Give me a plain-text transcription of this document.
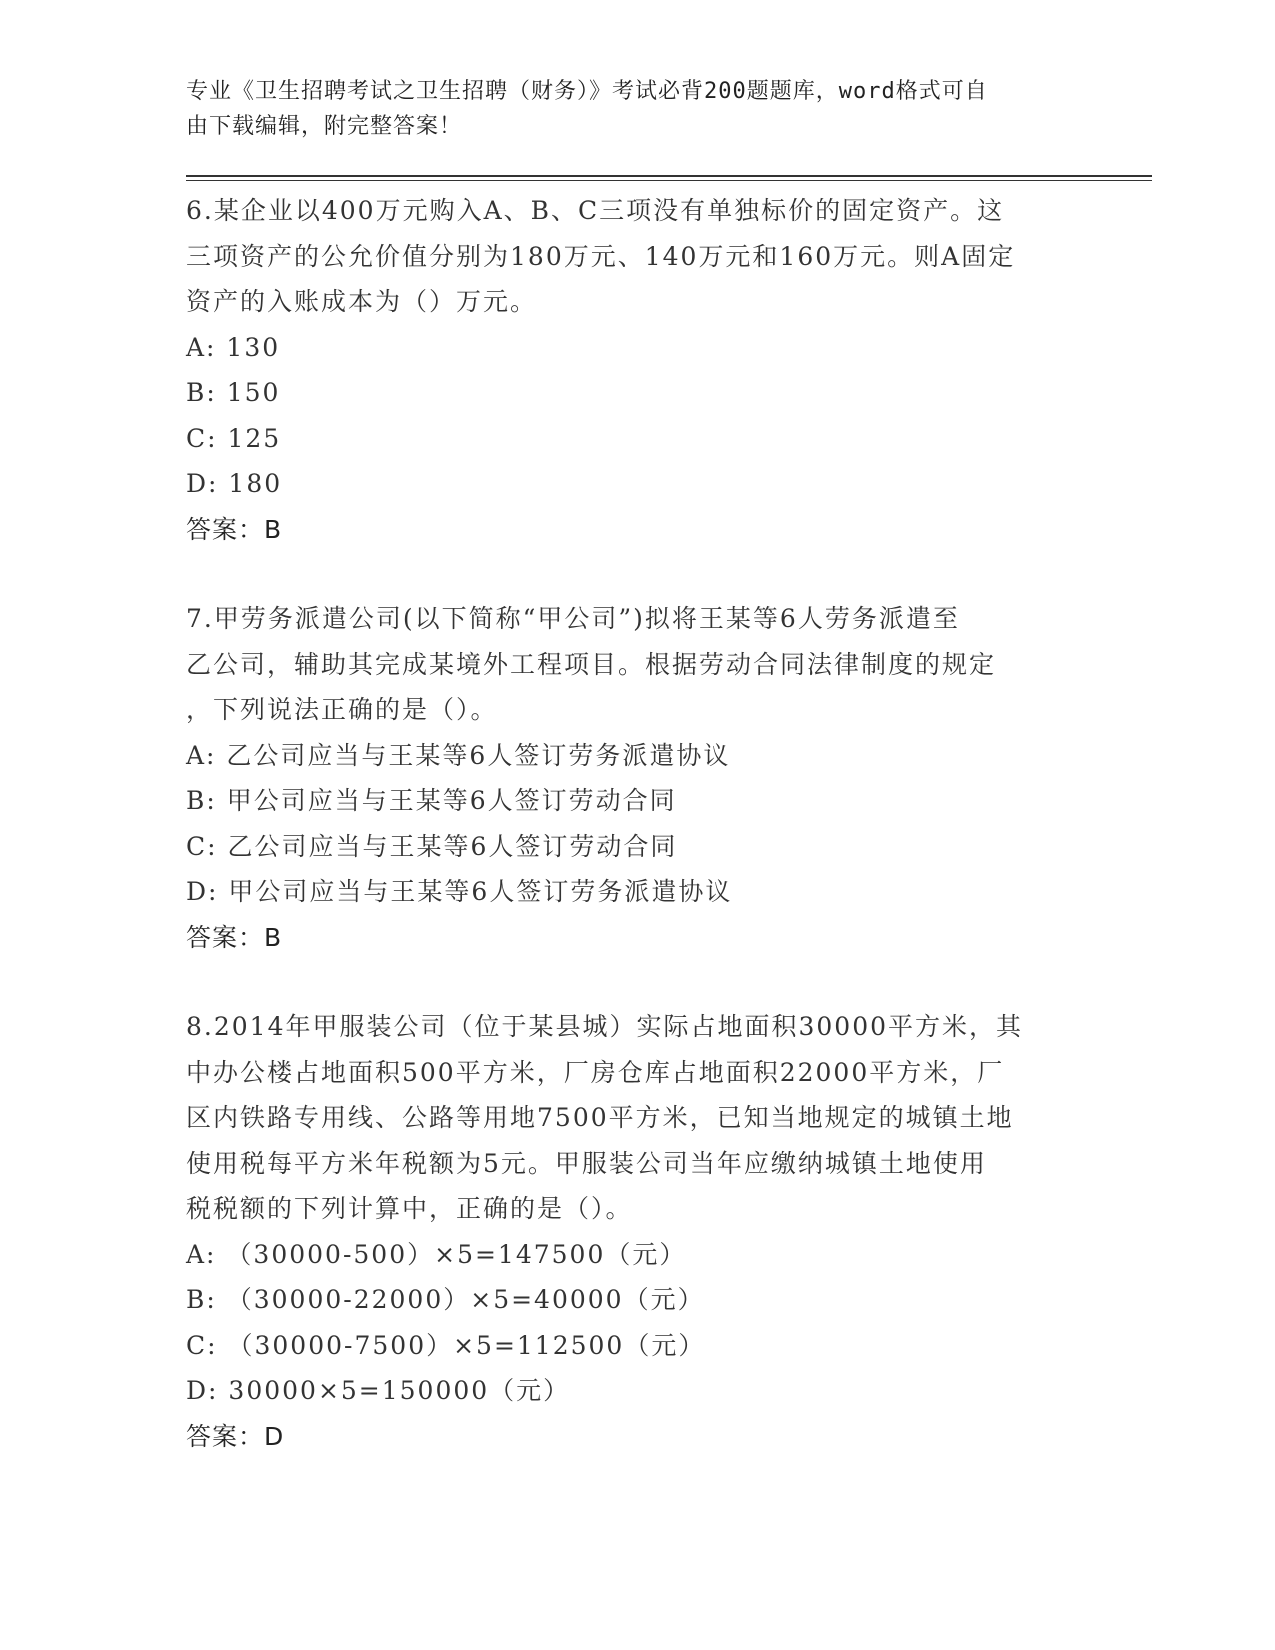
专业《卫生招聘考试之卫生招聘（财务）》考试必背200题题库，word格式可自
由下载编辑，附完整答案！

6.某企业以400万元购入A、B、C三项没有单独标价的固定资产。这

三项资产的公允价值分别为180万元、140万元和160万元。则A固定

资产的入账成本为（）万元。

A: 130

B: 150

C: 125

D: 180

答案：B

7.甲劳务派遣公司(以下简称“甲公司”)拟将王某等6人劳务派遣至

乙公司，辅助其完成某境外工程项目。根据劳动合同法律制度的规定

，下列说法正确的是（）。

A: 乙公司应当与王某等6人签订劳务派遣协议

B: 甲公司应当与王某等6人签订劳动合同

C: 乙公司应当与王某等6人签订劳动合同

D: 甲公司应当与王某等6人签订劳务派遣协议

答案：B

8.2014年甲服装公司（位于某县城）实际占地面积30000平方米，其

中办公楼占地面积500平方米，厂房仓库占地面积22000平方米，厂

区内铁路专用线、公路等用地7500平方米，已知当地规定的城镇土地

使用税每平方米年税额为5元。甲服装公司当年应缴纳城镇土地使用

税税额的下列计算中，正确的是（）。

A: （30000-500）×5=147500（元）

B: （30000-22000）×5=40000（元）

C: （30000-7500）×5=112500（元）

D: 30000×5=150000（元）

答案：D
